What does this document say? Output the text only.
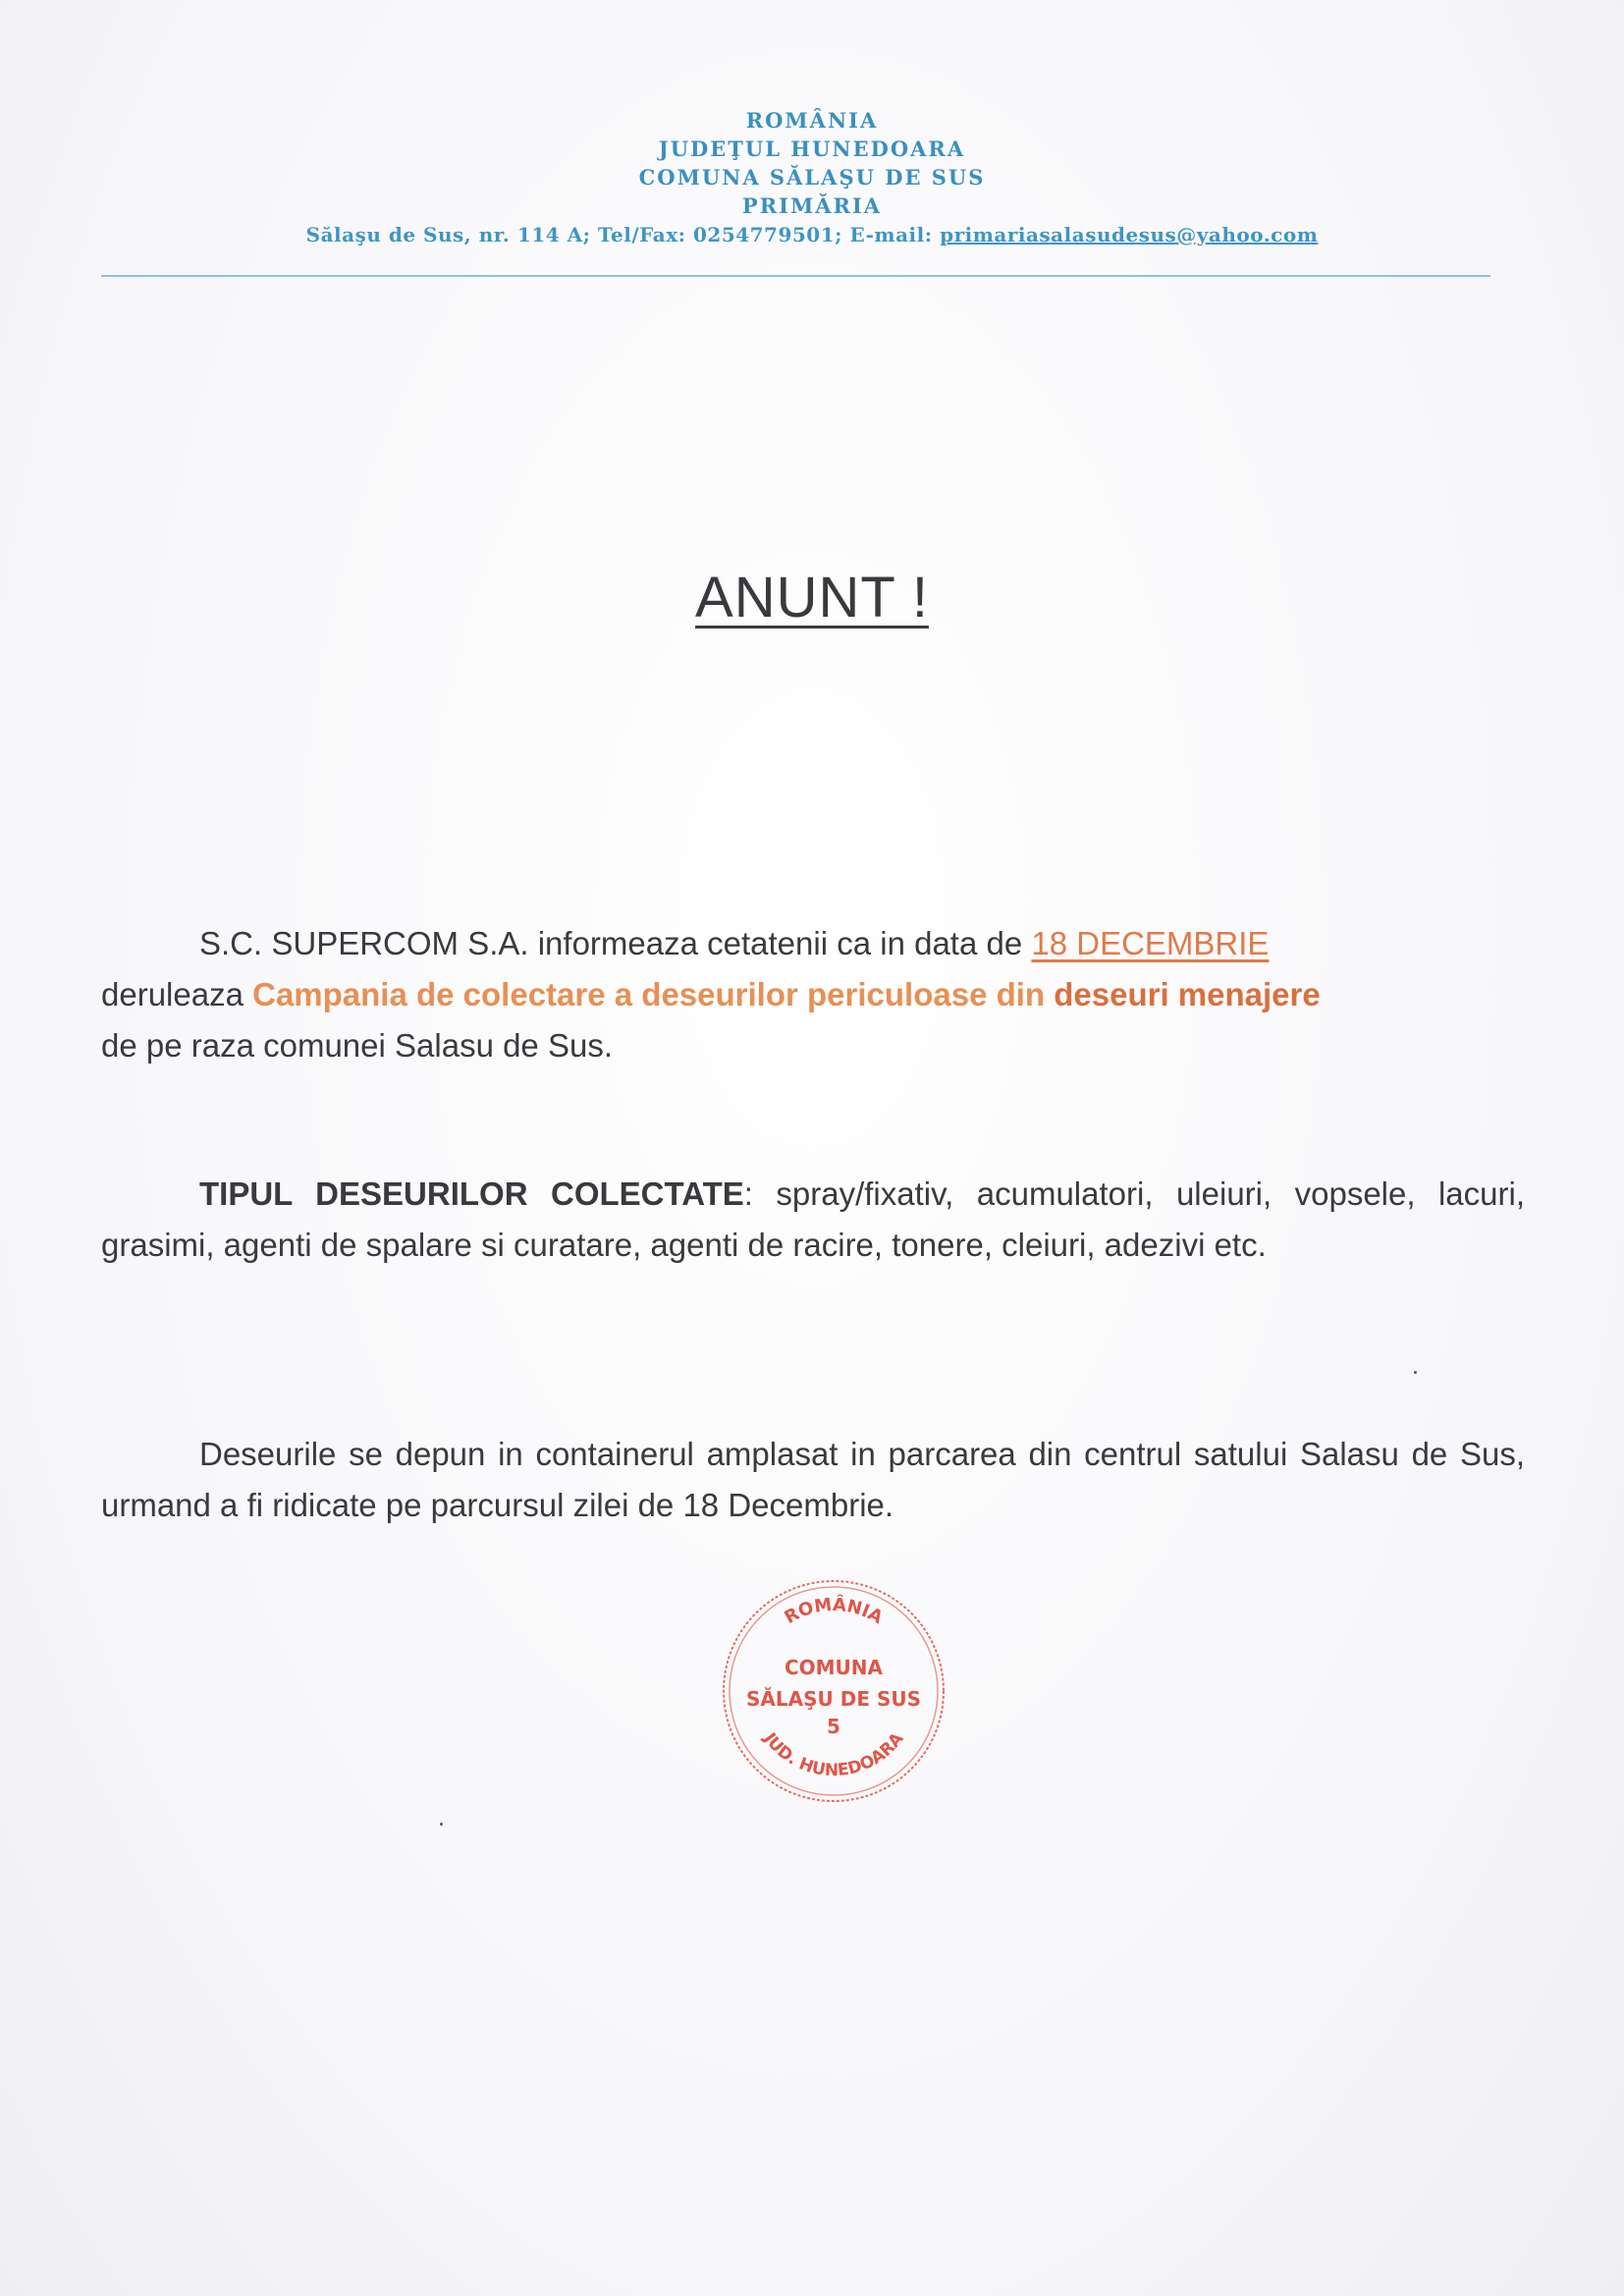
ROMÂNIA
JUDEŢUL HUNEDOARA
COMUNA SĂLAŞU DE SUS
PRIMĂRIA
Sălaşu de Sus, nr. 114 A; Tel/Fax: 0254779501; E-mail: primariasalasudesus@yahoo.com
ANUNT !
S.C. SUPERCOM S.A. informeaza cetatenii ca in data de 18 DECEMBRIE
deruleaza Campania de colectare a deseurilor periculoase din deseuri menajere
de pe raza comunei Salasu de Sus.
TIPUL DESEURILOR COLECTATE: spray/fixativ, acumulatori, uleiuri, vopsele, lacuri, grasimi, agenti de spalare si curatare, agenti de racire, tonere, cleiuri, adezivi etc.
Deseurile se depun in containerul amplasat in parcarea din centrul satului Salasu de Sus, urmand a fi ridicate pe parcursul zilei de 18 Decembrie.
ROMÂNIA
COMUNA
SĂLAŞU DE SUS
5
JUD. HUNEDOARA
